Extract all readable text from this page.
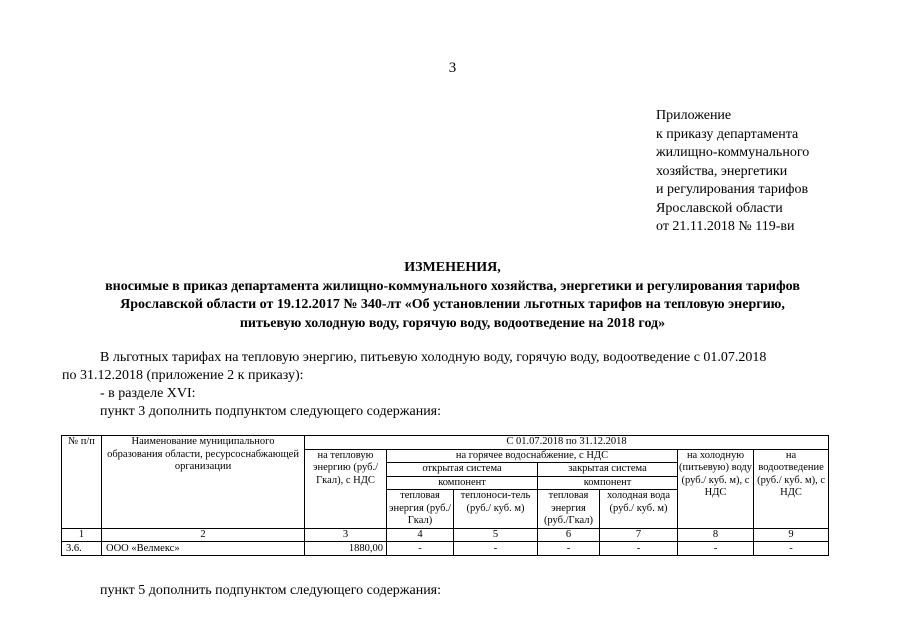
3
Приложение
к приказу департамента
жилищно-коммунального
хозяйства, энергетики
и регулирования тарифов
Ярославской области
от 21.11.2018 № 119-ви
ИЗМЕНЕНИЯ,
вносимые в приказ департамента жилищно-коммунального хозяйства, энергетики и регулирования тарифов
Ярославской области от 19.12.2017 № 340-лт «Об установлении льготных тарифов на тепловую энергию,
питьевую холодную воду, горячую воду, водоотведение на 2018 год»
В льготных тарифах на тепловую энергию, питьевую холодную воду, горячую воду, водоотведение с 01.07.2018
по 31.12.2018 (приложение 2 к приказу):
- в разделе XVI:
пункт 3 дополнить подпунктом следующего содержания:
№ п/п	Наименование муниципального образования области, ресурсоснабжающей организации	С 01.07.2018 по 31.12.2018						
		на тепловую энергию (руб./Гкал), с НДС	на горячее водоснабжение, с НДС				на холодную (питьевую) воду (руб./ куб. м), с НДС	на водоотведение (руб./ куб. м), с НДС
			открытая система		закрытая система			
			компонент		компонент			
			тепловая энергия (руб./Гкал)	теплоноси-тель (руб./ куб. м)	тепловая энергия (руб./Гкал)	холодная вода (руб./ куб. м)		
1	2	3	4	5	6	7	8	9
3.6.	ООО «Велмекс»	1880,00	-	-	-	-	-	-
пункт 5 дополнить подпунктом следующего содержания:
